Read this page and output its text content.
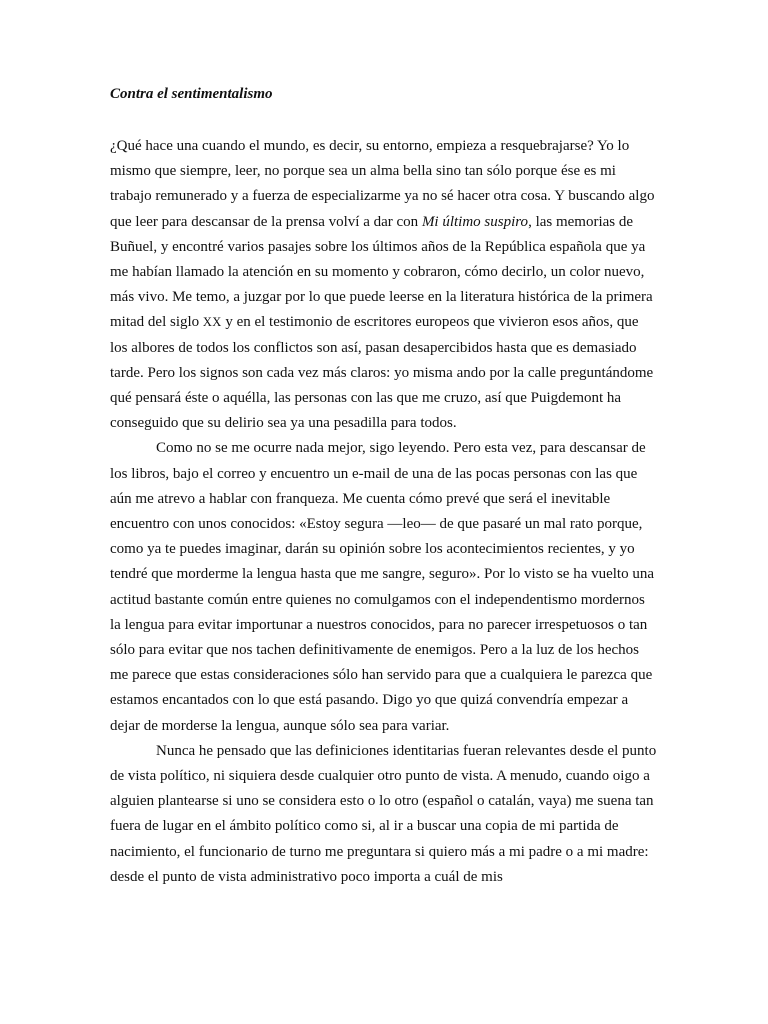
Contra el sentimentalismo

¿Qué hace una cuando el mundo, es decir, su entorno, empieza a resquebrajarse? Yo lo mismo que siempre, leer, no porque sea un alma bella sino tan sólo porque ése es mi trabajo remunerado y a fuerza de especializarme ya no sé hacer otra cosa. Y buscando algo que leer para descansar de la prensa volví a dar con Mi último suspiro, las memorias de Buñuel, y encontré varios pasajes sobre los últimos años de la República española que ya me habían llamado la atención en su momento y cobraron, cómo decirlo, un color nuevo, más vivo. Me temo, a juzgar por lo que puede leerse en la literatura histórica de la primera mitad del siglo XX y en el testimonio de escritores europeos que vivieron esos años, que los albores de todos los conflictos son así, pasan desapercibidos hasta que es demasiado tarde. Pero los signos son cada vez más claros: yo misma ando por la calle preguntándome qué pensará éste o aquélla, las personas con las que me cruzo, así que Puigdemont ha conseguido que su delirio sea ya una pesadilla para todos.

Como no se me ocurre nada mejor, sigo leyendo. Pero esta vez, para descansar de los libros, bajo el correo y encuentro un e-mail de una de las pocas personas con las que aún me atrevo a hablar con franqueza. Me cuenta cómo prevé que será el inevitable encuentro con unos conocidos: «Estoy segura —leo— de que pasaré un mal rato porque, como ya te puedes imaginar, darán su opinión sobre los acontecimientos recientes, y yo tendré que morderme la lengua hasta que me sangre, seguro». Por lo visto se ha vuelto una actitud bastante común entre quienes no comulgamos con el independentismo mordernos la lengua para evitar importunar a nuestros conocidos, para no parecer irrespetuosos o tan sólo para evitar que nos tachen definitivamente de enemigos. Pero a la luz de los hechos me parece que estas consideraciones sólo han servido para que a cualquiera le parezca que estamos encantados con lo que está pasando. Digo yo que quizá convendría empezar a dejar de morderse la lengua, aunque sólo sea para variar.

Nunca he pensado que las definiciones identitarias fueran relevantes desde el punto de vista político, ni siquiera desde cualquier otro punto de vista. A menudo, cuando oigo a alguien plantearse si uno se considera esto o lo otro (español o catalán, vaya) me suena tan fuera de lugar en el ámbito político como si, al ir a buscar una copia de mi partida de nacimiento, el funcionario de turno me preguntara si quiero más a mi padre o a mi madre: desde el punto de vista administrativo poco importa a cuál de mis
